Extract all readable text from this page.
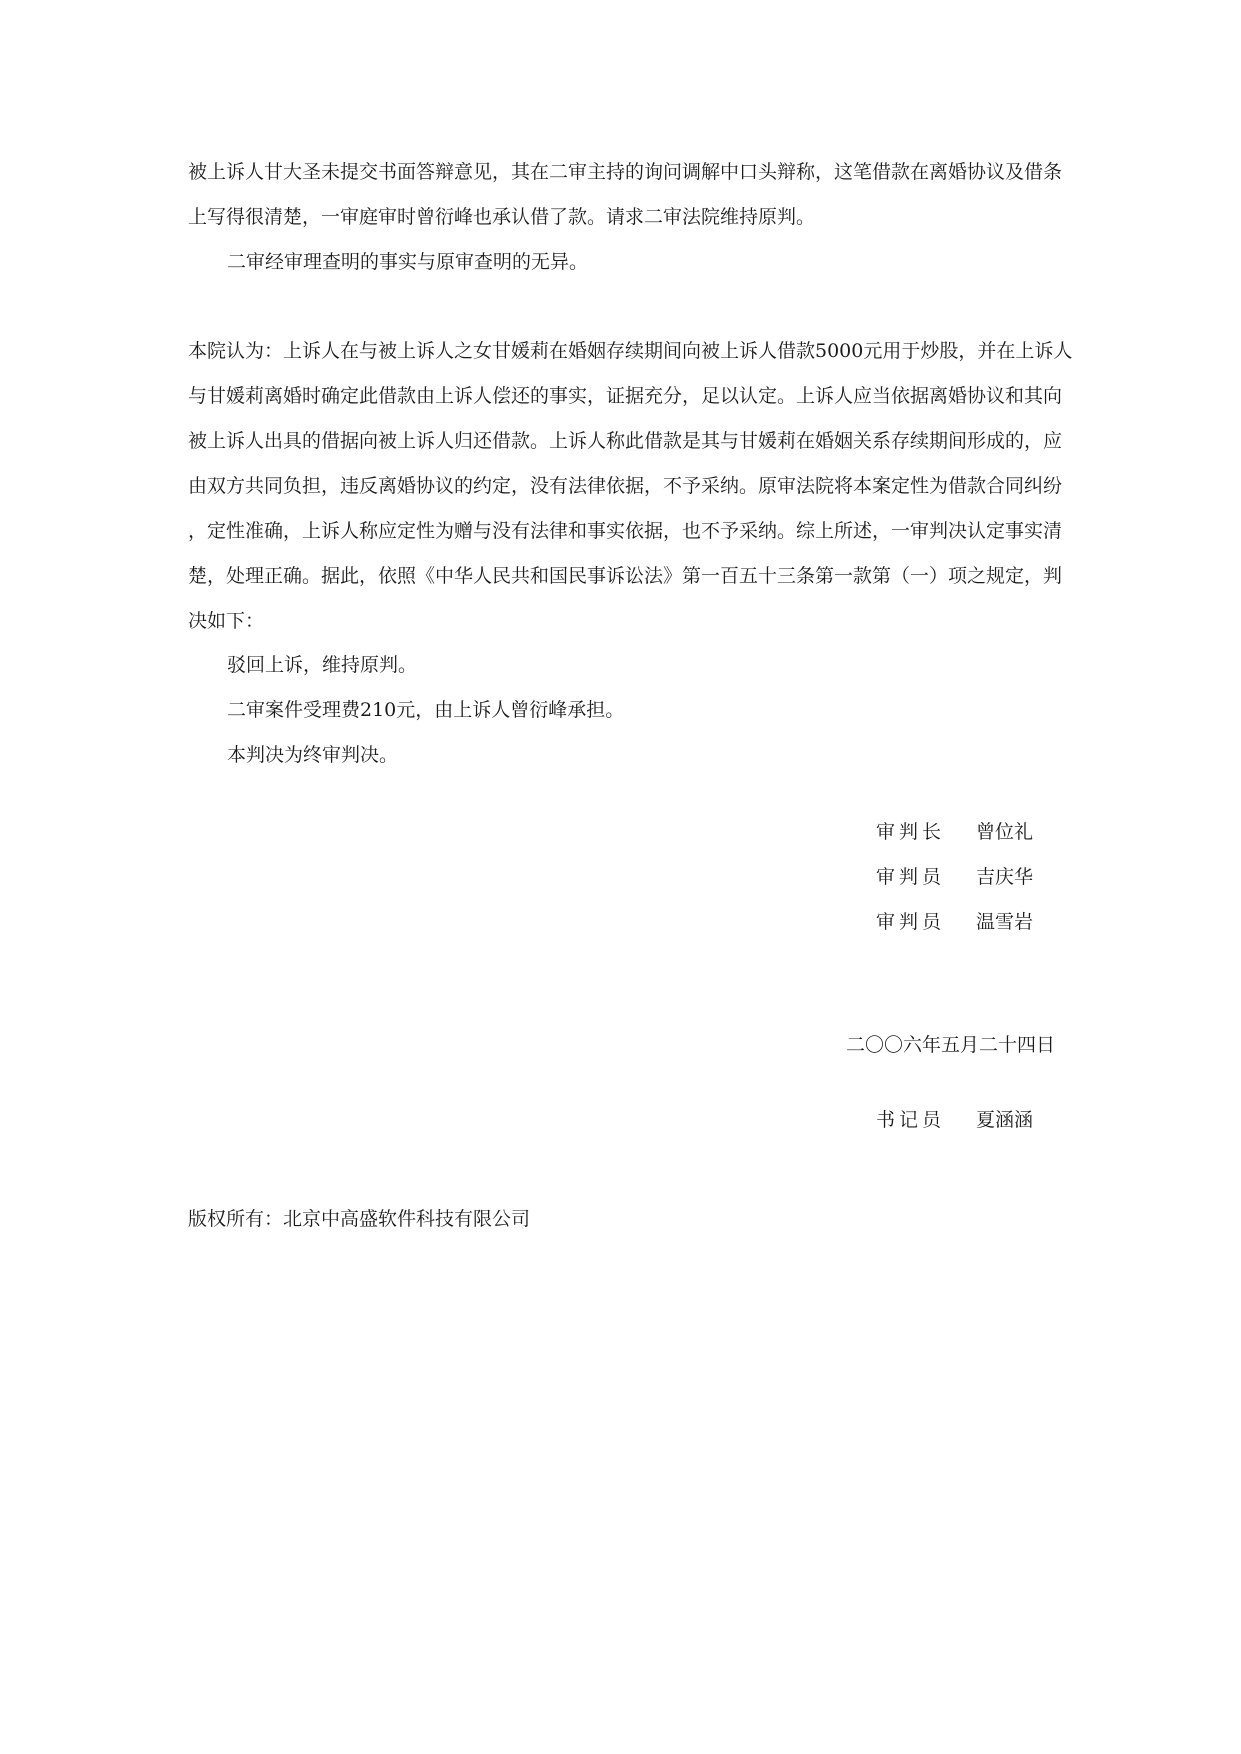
被上诉人甘大圣未提交书面答辩意见，其在二审主持的询问调解中口头辩称，这笔借款在离婚协议及借条
上写得很清楚，一审庭审时曾衍峰也承认借了款。请求二审法院维持原判。
二审经审理查明的事实与原审查明的无异。
本院认为：上诉人在与被上诉人之女甘媛莉在婚姻存续期间向被上诉人借款5000元用于炒股，并在上诉人
与甘媛莉离婚时确定此借款由上诉人偿还的事实，证据充分，足以认定。上诉人应当依据离婚协议和其向
被上诉人出具的借据向被上诉人归还借款。上诉人称此借款是其与甘媛莉在婚姻关系存续期间形成的，应
由双方共同负担，违反离婚协议的约定，没有法律依据，不予采纳。原审法院将本案定性为借款合同纠纷
，定性准确，上诉人称应定性为赠与没有法律和事实依据，也不予采纳。综上所述，一审判决认定事实清
楚，处理正确。据此，依照《中华人民共和国民事诉讼法》第一百五十三条第一款第（一）项之规定，判
决如下：
驳回上诉，维持原判。
二审案件受理费210元，由上诉人曾衍峰承担。
本判决为终审判决。
审判长 曾位礼
审判员 吉庆华
审判员 温雪岩
二〇〇六年五月二十四日
书记员 夏涵涵
版权所有：北京中高盛软件科技有限公司
